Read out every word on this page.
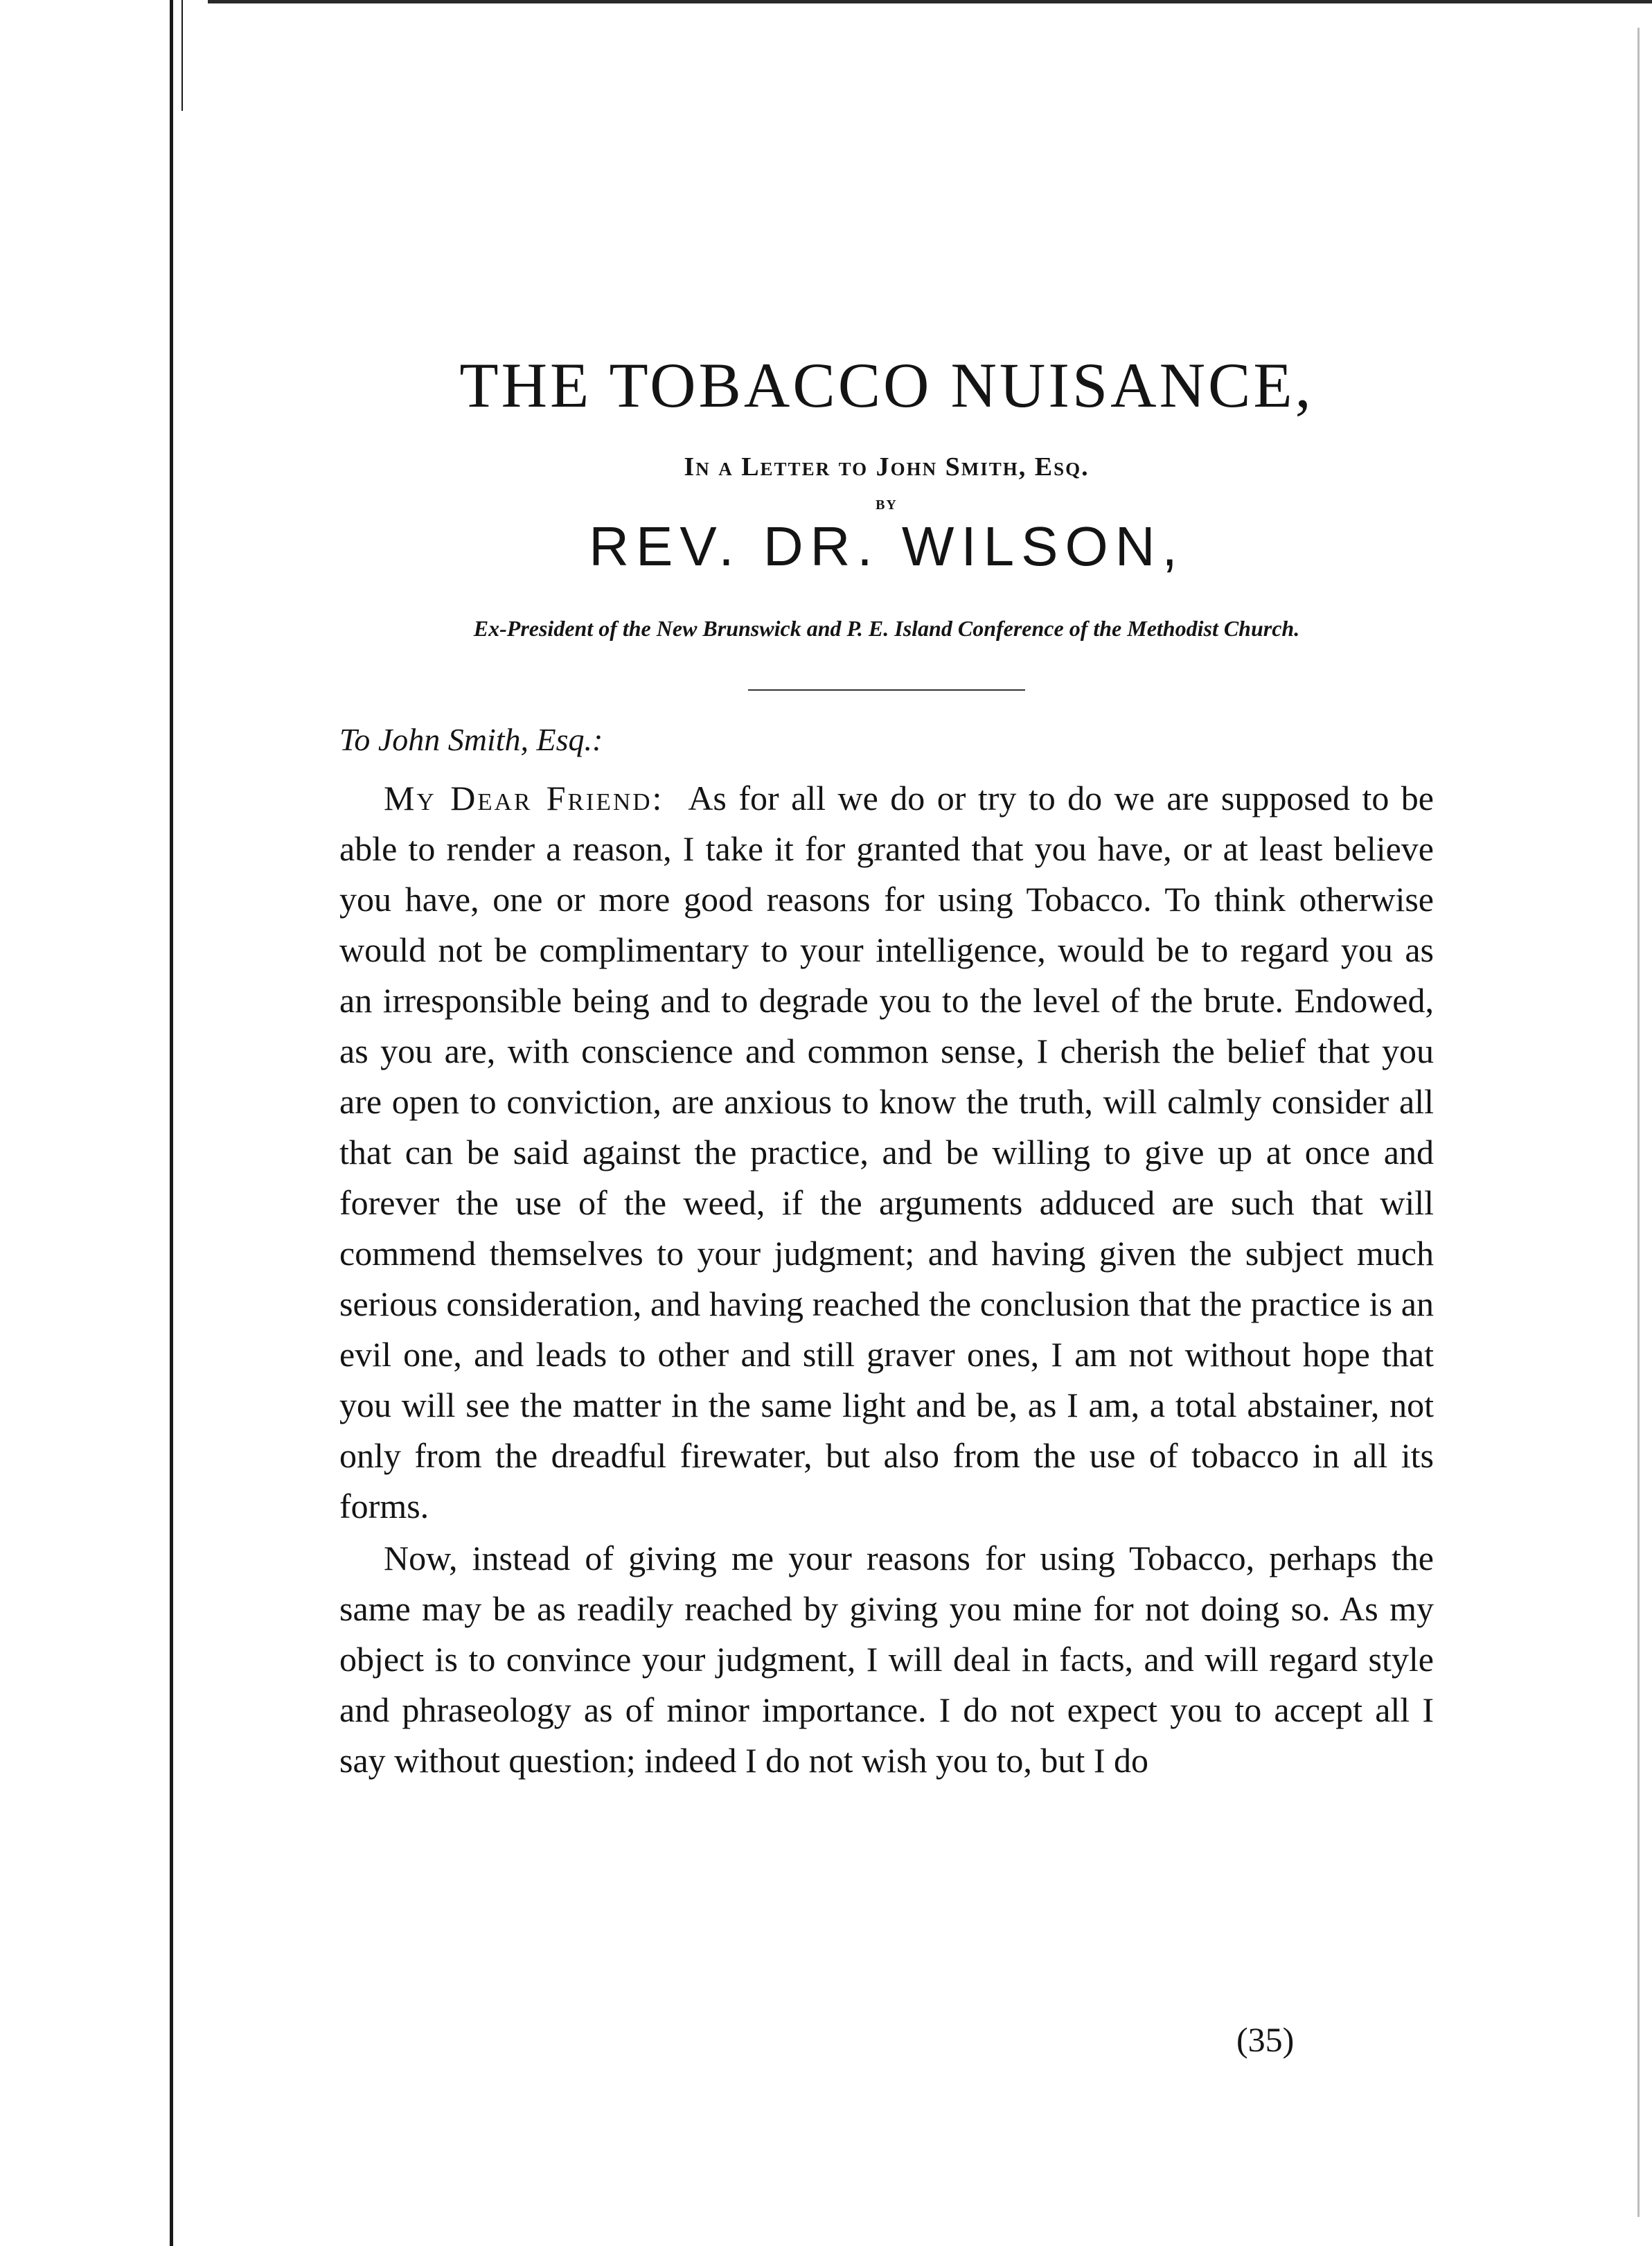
THE TOBACCO NUISANCE,
In a Letter to John Smith, Esq.
BY
REV. DR. WILSON,
Ex-President of the New Brunswick and P. E. Island Conference of the Methodist Church.
To John Smith, Esq.:

My Dear Friend: As for all we do or try to do we are supposed to be able to render a reason, I take it for granted that you have, or at least believe you have, one or more good reasons for using Tobacco. To think otherwise would not be complimentary to your intelligence, would be to regard you as an irresponsible being and to degrade you to the level of the brute. Endowed, as you are, with conscience and common sense, I cherish the belief that you are open to conviction, are anxious to know the truth, will calmly consider all that can be said against the practice, and be willing to give up at once and forever the use of the weed, if the arguments adduced are such that will commend themselves to your judgment; and having given the subject much serious consideration, and having reached the conclusion that the practice is an evil one, and leads to other and still graver ones, I am not without hope that you will see the matter in the same light and be, as I am, a total abstainer, not only from the dreadful firewater, but also from the use of tobacco in all its forms.

Now, instead of giving me your reasons for using Tobacco, perhaps the same may be as readily reached by giving you mine for not doing so. As my object is to convince your judgment, I will deal in facts, and will regard style and phraseology as of minor importance. I do not expect you to accept all I say without question; indeed I do not wish you to, but I do

(35)
